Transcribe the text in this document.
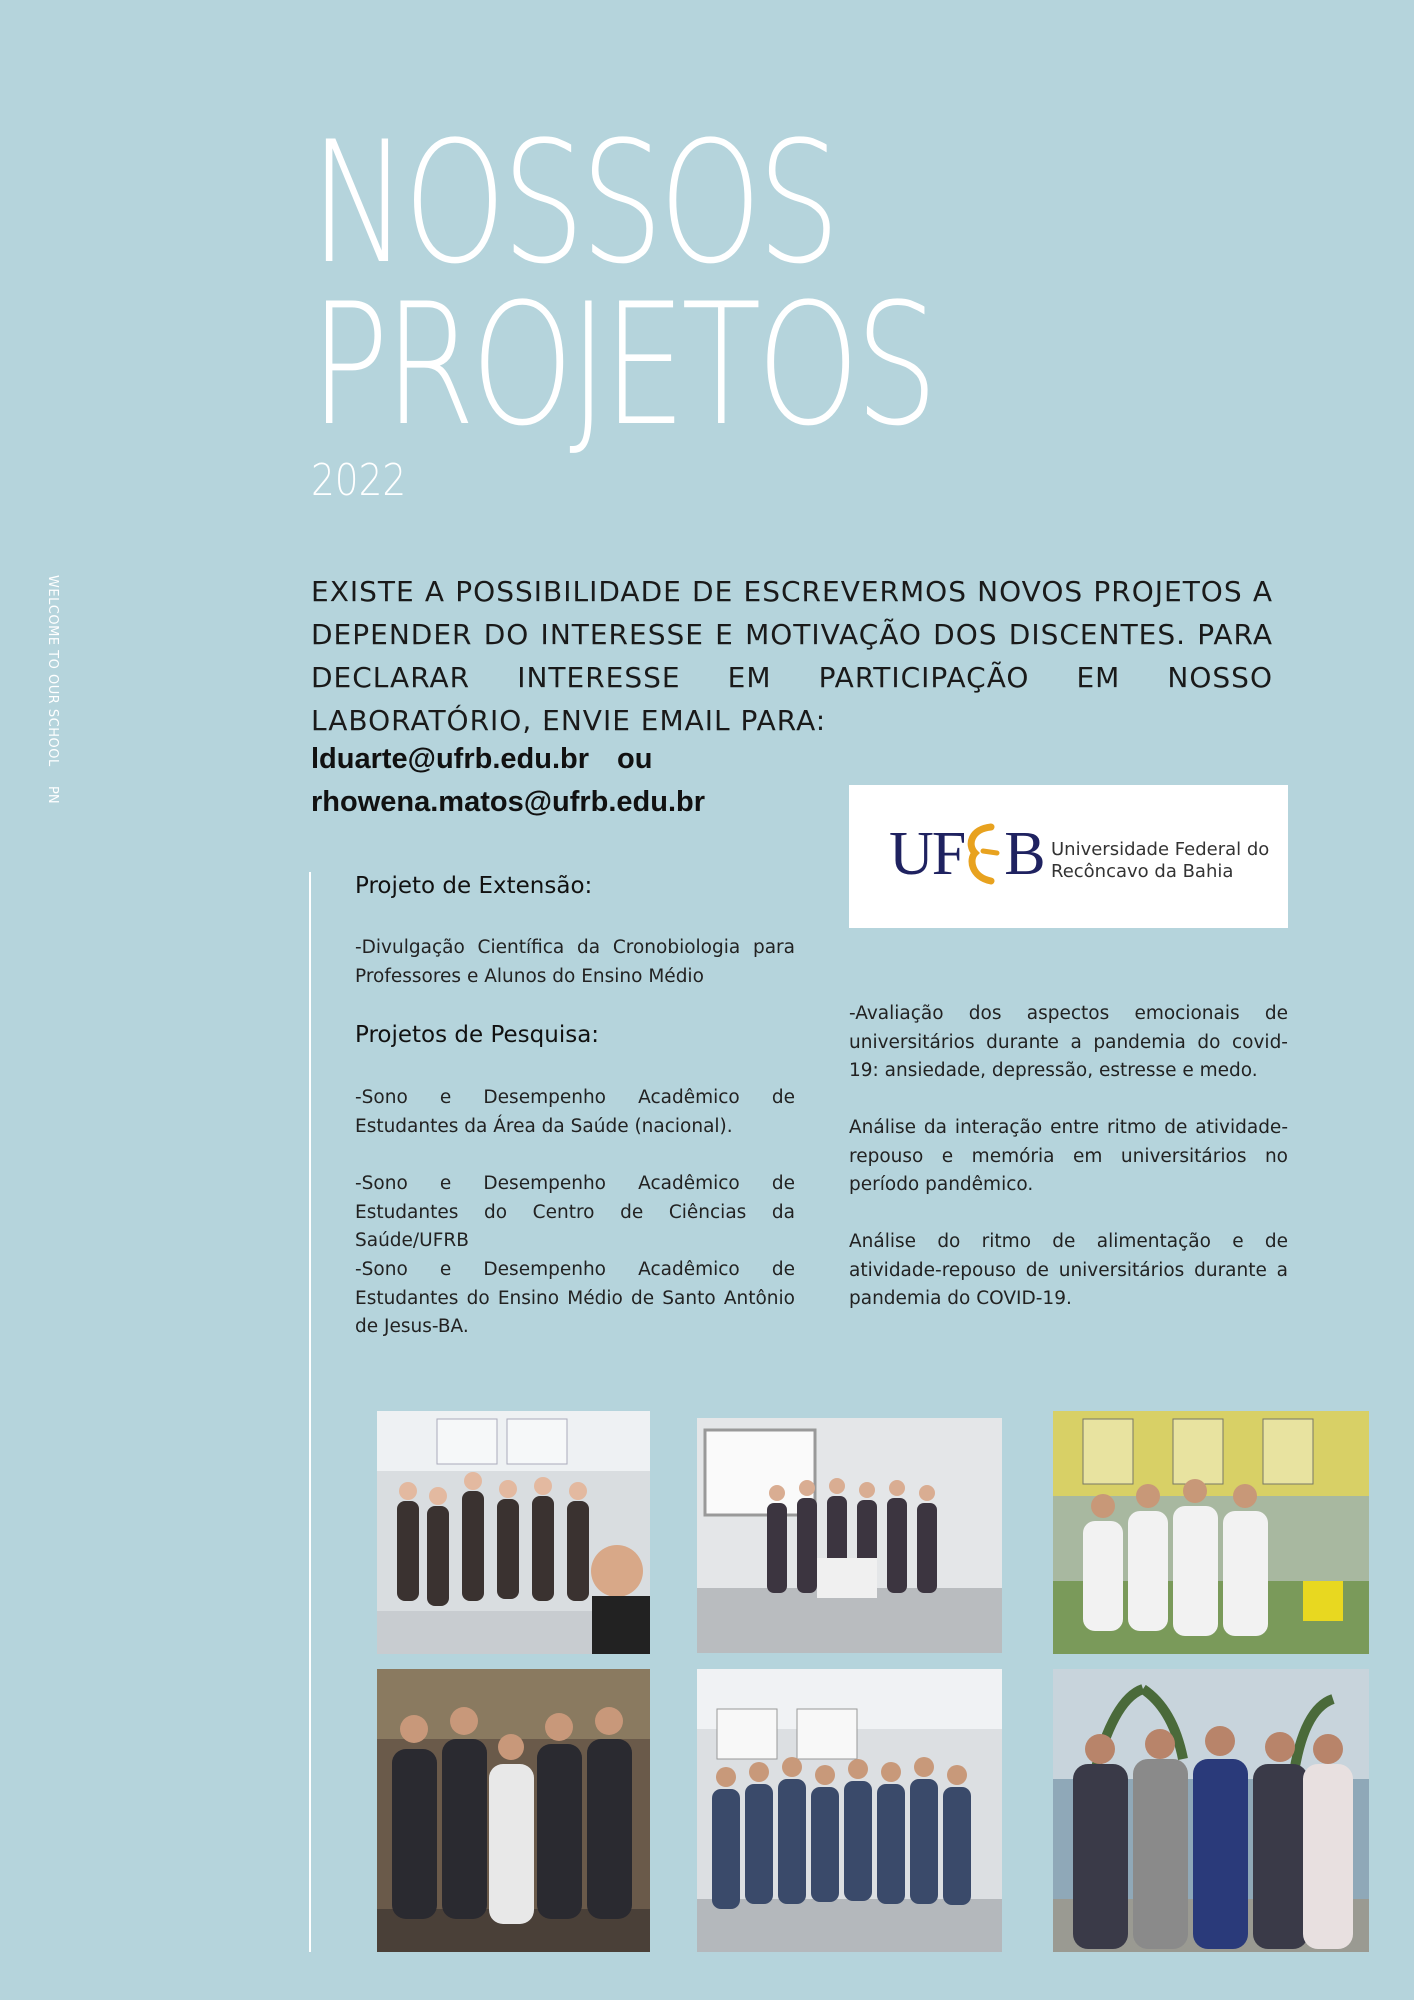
WELCOME TO OUR SCHOOL
PN
NOSSOS
PROJETOS
2022
EXISTE A POSSIBILIDADE DE ESCREVERMOS NOVOS PROJETOS A DEPENDER DO INTERESSE E MOTIVAÇÃO DOS DISCENTES. PARA DECLARAR INTERESSE EM PARTICIPAÇÃO EM NOSSO LABORATÓRIO, ENVIE EMAIL PARA:
lduarte@ufrb.edu.br ou
rhowena.matos@ufrb.edu.br
UF B Universidade Federal do
Recôncavo da Bahia
Projeto de Extensão:
-Divulgação Científica da Cronobiologia para Professores e Alunos do Ensino Médio
Projetos de Pesquisa:
-Sono e Desempenho Acadêmico de Estudantes da Área da Saúde (nacional).
-Sono e Desempenho Acadêmico de Estudantes do Centro de Ciências da Saúde/UFRB
-Sono e Desempenho Acadêmico de Estudantes do Ensino Médio de Santo Antônio de Jesus-BA.
-Avaliação dos aspectos emocionais de universitários durante a pandemia do covid-19: ansiedade, depressão, estresse e medo.
Análise da interação entre ritmo de atividade-repouso e memória em universitários no período pandêmico.
Análise do ritmo de alimentação e de atividade-repouso de universitários durante a pandemia do COVID-19.
